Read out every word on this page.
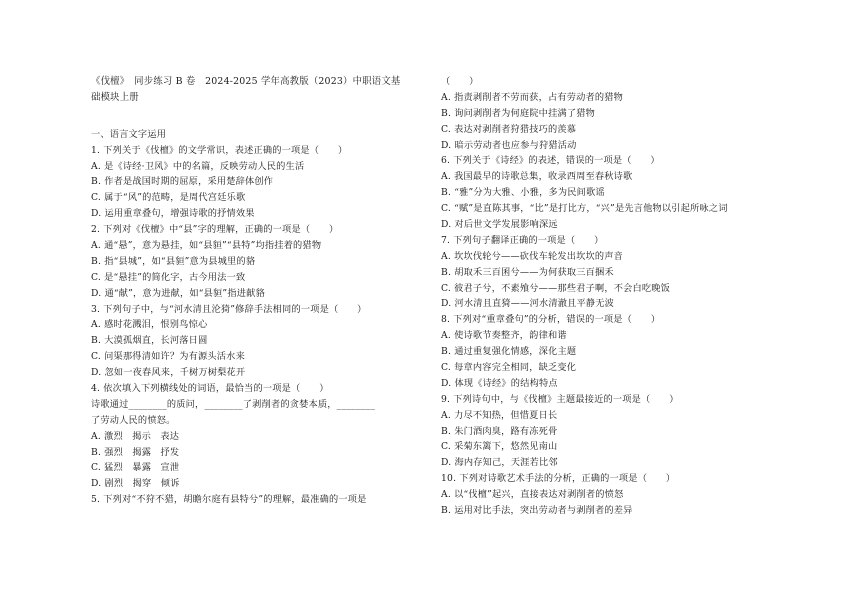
《伐檀》　同步练习 B 卷　2024-2025 学年高教版（2023）中职语文基
础模块上册
一、语言文字运用
1. 下列关于《伐檀》的文学常识，表述正确的一项是（　　）
A. 是《诗经·卫风》中的名篇，反映劳动人民的生活
B. 作者是战国时期的屈原，采用楚辞体创作
C. 属于“风”的范畴，是周代宫廷乐歌
D. 运用重章叠句，增强诗歌的抒情效果
2. 下列对《伐檀》中“县”字的理解，正确的一项是（　　）
A. 通“悬”，意为悬挂，如“县貆”“县特”均指挂着的猎物
B. 指“县城”，如“县貆”意为县城里的貉
C. 是“悬挂”的简化字，古今用法一致
D. 通“献”，意为进献，如“县貆”指进献貉
3. 下列句子中，与“河水清且沦猗”修辞手法相同的一项是（　　）
A. 感时花溅泪，恨别鸟惊心
B. 大漠孤烟直，长河落日圆
C. 问渠那得清如许？为有源头活水来
D. 忽如一夜春风来，千树万树梨花开
4. 依次填入下列横线处的词语，最恰当的一项是（　　）
诗歌通过________的质问，________了剥削者的贪婪本质，________
了劳动人民的愤怒。
A. 激烈　揭示　表达
B. 强烈　揭露　抒发
C. 猛烈　暴露　宣泄
D. 剧烈　揭穿　倾诉
5. 下列对“不狩不猎，胡瞻尔庭有县特兮”的理解，最准确的一项是
（　　）
A. 指责剥削者不劳而获，占有劳动者的猎物
B. 询问剥削者为何庭院中挂满了猎物
C. 表达对剥削者狩猎技巧的羡慕
D. 暗示劳动者也应参与狩猎活动
6. 下列关于《诗经》的表述，错误的一项是（　　）
A. 我国最早的诗歌总集，收录西周至春秋诗歌
B. “雅”分为大雅、小雅，多为民间歌谣
C. “赋”是直陈其事，“比”是打比方，“兴”是先言他物以引起所咏之词
D. 对后世文学发展影响深远
7. 下列句子翻译正确的一项是（　　）
A. 坎坎伐轮兮——砍伐车轮发出坎坎的声音
B. 胡取禾三百囷兮——为何获取三百捆禾
C. 彼君子兮，不素飧兮——那些君子啊，不会白吃晚饭
D. 河水清且直猗——河水清澈且平静无波
8. 下列对“重章叠句”的分析，错误的一项是（　　）
A. 使诗歌节奏整齐，韵律和谐
B. 通过重复强化情感，深化主题
C. 每章内容完全相同，缺乏变化
D. 体现《诗经》的结构特点
9. 下列诗句中，与《伐檀》主题最接近的一项是（　　）
A. 力尽不知热，但惜夏日长
B. 朱门酒肉臭，路有冻死骨
C. 采菊东篱下，悠然见南山
D. 海内存知己，天涯若比邻
10. 下列对诗歌艺术手法的分析，正确的一项是（　　）
A. 以“伐檀”起兴，直接表达对剥削者的愤怒
B. 运用对比手法，突出劳动者与剥削者的差异
